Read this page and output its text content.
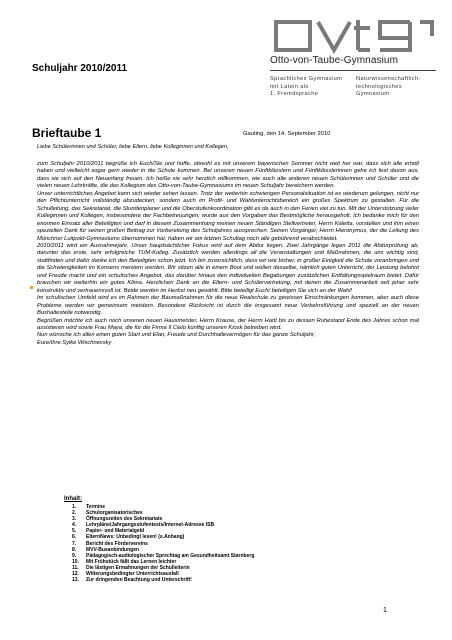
Otto-von-Taube-Gymnasium
Sprachliches Gymnasium
mit Latein als
1. Fremdsprache
Naturwissenschaftlich-
technologisches
Gymnasium
Schuljahr 2010/2011
Brieftaube 1	Gauting, den 14. September 2010
Liebe Schülerinnen und Schüler, liebe Eltern, liebe Kolleginnen und Kollegen,

zum Schuljahr 2010/2011 begrüße ich Euch/Sie und hoffe, obwohl es mit unserem bayerischen Sommer nicht weit her war, dass sich alle erholt haben und vielleicht sogar gern wieder in die Schule kommen. Bei unseren neuen Fünftklässlern und Fünftklässlerinnen gehe ich fest davon aus, dass sie sich auf den Neuanfang freuen. Ich heiße sie sehr herzlich willkommen, wie auch alle anderen neuen Schülerinnen und Schüler und die vielen neuen Lehrkräfte, die das Kollegium des Otto-von-Taube-Gymnasiums im neuen Schuljahr bereichern werden.

Unser unterrichtliches Angebot kann sich wieder sehen lassen. Trotz der weiterhin schwierigen Personalsituation ist es wiederum gelungen, nicht nur den Pflichtunterricht vollständig abzudecken, sondern auch im Profil- und Wahlunterrichtsbereich ein großes Spektrum zu gestalten. Für die Schulleitung, das Sekretariat, die Stundenplaner und die Oberstufenkoordination gibt es da auch in den Ferien viel zu tun. Mit der Unterstützung vieler Kolleginnen und Kollegen, insbesondere der Fachbetreuungen, wurde aus den Vorgaben das Bestmögliche herausgeholt. Ich bedanke mich für den enormen Einsatz aller Beteiligten und darf in diesem Zusammenhang meinen neuen Ständigen Stellvertreter, Herrn Kaletta, vorstellen und ihm einen speziellen Dank für seinen großen Beitrag zur Vorbereitung des Schuljahres aussprechen. Seinen Vorgänger, Herrn Hieronymus, der die Leitung des Münchner Luitpold-Gymnasiums übernommen hat, haben wir am letzten Schultag noch alle gebührend verabschiedet.

2010/2011 wird ein Ausnahmejahr. Unser hauptsächlicher Fokus wird auf dem Abitur liegen. Zwei Jahrgänge legen 2011 die Abiturprüfung ab, darunter das erste, sehr erfolgreiche TUM-Kolleg. Zusätzlich werden allerdings all die Veranstaltungen und Maßnahmen, die uns wichtig sind, stattfinden und dafür danke ich den Beteiligten schon jetzt. Ich bin zuversichtlich, dass wir wie bisher, in großer Einigkeit die Schule voranbringen und die Schwierigkeiten im Konsens meistern werden. Wir sitzen alle in einem Boot und wollen dasselbe, nämlich guten Unterricht, der Leistung belohnt und Freude macht und ein schulisches Angebot, das darüber hinaus den individuellen Begabungen zusätzlichen Entfaltungsspielraum bietet. Dafür brauchen wir weiterhin ein gutes Klima. Herzlichen Dank an die Eltern- und Schülervertretung, mit denen die Zusammenarbeit seit jeher sehr konstruktiv und vertrauensvoll ist. Beide werden im Herbst neu gewählt. Bitte beteiligt Euch/ beteiligen Sie sich an der Wahl!

Im schulischen Umfeld wird es im Rahmen der Baumaßnahmen für die neue Realschule zu gewissen Einschränkungen kommen, aber auch diese Probleme werden wir gemeinsam meistern. Besondere Rücksicht ist durch die insgesamt neue Verkehrsführung und speziell an der neuen Bushaltestelle notwendig.

Begrüßen möchte ich auch noch unseren neuen Hausmeister, Herrn Krause, der Herrn Hartl bis zu dessen Ruhestand Ende des Jahres schon mal assistieren wird sowie Frau Maya, die für die Firma Il Cielo künftig unseren Kiosk betreiben wird.

Nun wünsche ich allen einen guten Start und Elan, Freude und Durchhaltevermögen für das ganze Schuljahr,

Eure/Ihre Sylke Wischnevsky

Inhalt:
1.	Termine
2.	Schulorganisatorisches
3.	Öffnungszeiten des Sekretariats
4.	Lehrpläne/Jahrgangsstufentests/Internet-Adresse ISB
5.	Papier- und Materialgeld
6.	ElternNews: Unbedingt lesen! (s.Anhang)
7.	Bericht des Fördervereins
8.	MVV-Busanbindungen
9.	Pädagogisch-audiologischer Sprechtag am Gesundheitsamt Starnberg
10.	Mit Frühstück fällt das Lernen leichter
11.	Die lästigen Ermahnungen der Schulleiterin
12.	Witterungsbedingter Unterrichtsausfall
13.	Zur dringenden Beachtung und Unterschrift!
1
